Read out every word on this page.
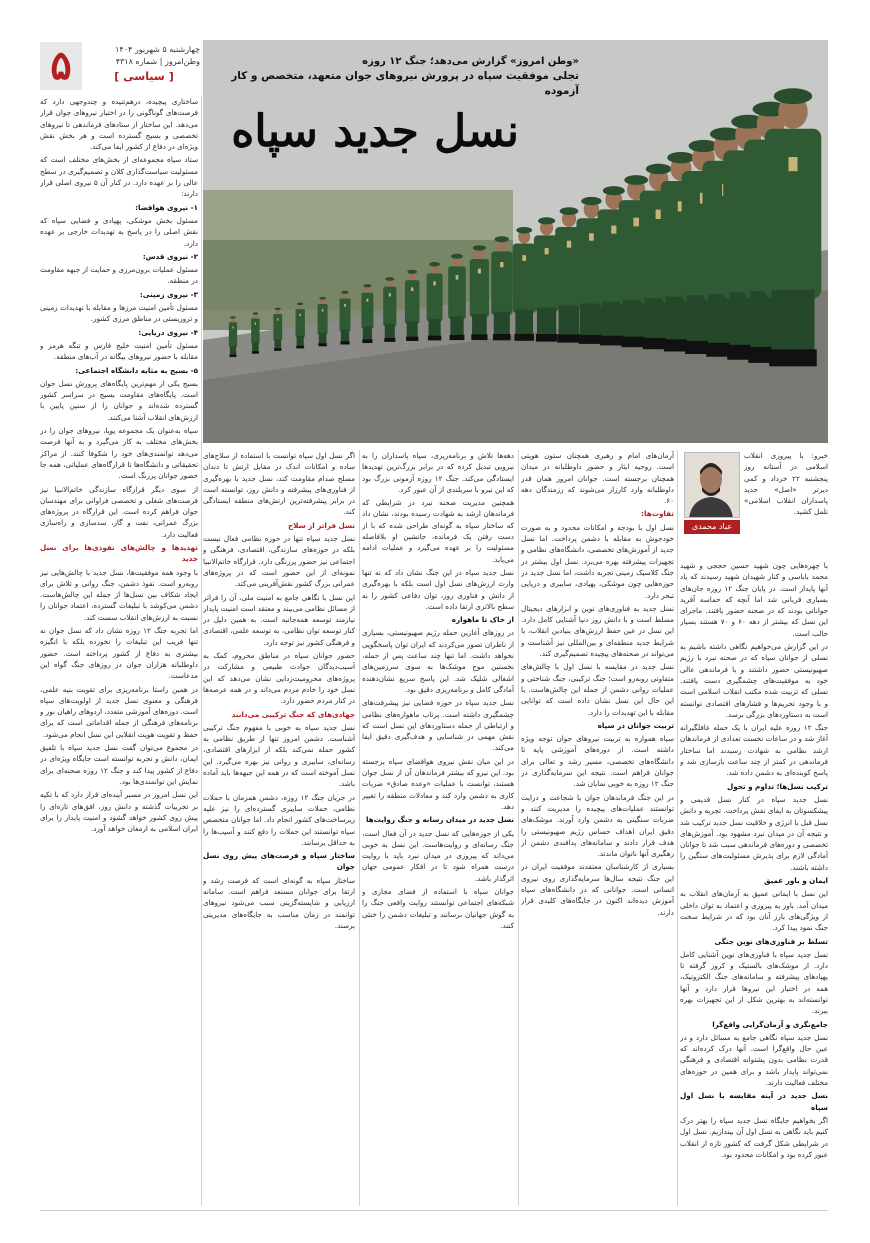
۵	چهارشنبه ۵ شهریور ۱۴۰۴
وطن‌امروز | شماره ۴۳۱۸
[ سیاسی ]
«وطن امروز» گزارش می‌دهد؛ جنگ ۱۲ روزه
تجلی موفقیت سپاه در پرورش نیروهای جوان متعهد، متخصص و کار آزموده
نسل جدید سپاه
خبرو: با پیروزی انقلاب اسلامی در آستانه روز پنجشنبه ۲۲ خرداد و کمی دیرتر «اصل» جدید پاسداران انقلاب اسلامی» تلمل کشید.
عباد محمدی

با چهره‌هایی چون شهید حسین حججی و شهید محمد باباسی و کنار شهیدان شهید رسیدند که یاد آنها پایدار است. در پایان جنگ ۱۲ روزه جان‌های بسیاری قربانی شد اما آنچه که حماسه آفرید جوانانی بودند که در صحنه حضور یافتند. ماجرای این نسل که بیشتر از دهه ۶۰ و ۷۰ هستند بسیار جالب است.

در این گزارش می‌خواهیم نگاهی داشته باشیم به نسلی از جوانان سپاه که در صحنه نبرد با رژیم صهیونیستی حضور داشتند و با فرماندهی عالی خود به موفقیت‌های چشمگیری دست یافتند. نسلی که تربیت شده مکتب انقلاب اسلامی است و با وجود تحریم‌ها و فشارهای اقتصادی توانسته است به دستاوردهای بزرگی برسد.

جنگ ۱۲ روزه علیه ایران با یک حمله غافلگیرانه آغاز شد و در ساعات نخست تعدادی از فرماندهان ارشد نظامی به شهادت رسیدند اما ساختار فرماندهی در کمتر از چند ساعت بازسازی شد و پاسخ کوبنده‌ای به دشمن داده شد.

ترکیب نسل‌ها؛ تداوم و تحول

نسل جدید سپاه در کنار نسل قدیمی و پیشکسوتان به ایفای نقش پرداخت. تجربه و دانش نسل قبل با انرژی و خلاقیت نسل جدید ترکیب شد و نتیجه آن در میدان نبرد مشهود بود. آموزش‌های تخصصی و دوره‌های فرماندهی سبب شد تا جوانان آمادگی لازم برای پذیرش مسئولیت‌های سنگین را داشته باشند.

ایمان و باور عمیق

این نسل با ایمانی عمیق به آرمان‌های انقلاب به میدان آمد. باور به پیروزی و اعتماد به توان داخلی از ویژگی‌های بارز آنان بود که در شرایط سخت جنگ نمود پیدا کرد.

تسلط بر فناوری‌های نوین جنگی

نسل جدید سپاه با فناوری‌های نوین آشنایی کامل دارد. از موشک‌های بالستیک و کروز گرفته تا پهپادهای پیشرفته و سامانه‌های جنگ الکترونیک، همه در اختیار این نیروها قرار دارد و آنها توانسته‌اند به بهترین شکل از این تجهیزات بهره ببرند.

جامع‌نگری و آرمان‌گرایی واقع‌گرا

نسل جدید سپاه نگاهی جامع به مسائل دارد و در عین حال واقع‌گرا است. آنها درک کرده‌اند که قدرت نظامی بدون پشتوانه اقتصادی و فرهنگی نمی‌تواند پایدار باشد و برای همین در حوزه‌های مختلف فعالیت دارند.

نسل جدید در آینه مقایسه با نسل اول سپاه

اگر بخواهیم جایگاه نسل جدید سپاه را بهتر درک کنیم باید نگاهی به نسل اول آن بیندازیم. نسل اول در شرایطی شکل گرفت که کشور تازه از انقلاب عبور کرده بود و امکانات محدود بود.

آرمان‌های امام و رهبری همچنان ستون هویتی است. روحیه ایثار و حضور داوطلبانه در میدان همچنان برجسته است. جوانان امروز همان قدر داوطلبانه وارد کارزار می‌شوند که رزمندگان دهه ۶۰.

تفاوت‌ها:

نسل اول با بودجه و امکانات محدود و به صورت خودجوش به مقابله با دشمن پرداخت. اما نسل جدید از آموزش‌های تخصصی، دانشگاه‌های نظامی و تجهیزات پیشرفته بهره می‌برد. نسل اول بیشتر در جنگ کلاسیک زمینی تجربه داشت، اما نسل جدید در حوزه‌هایی چون موشکی، پهپادی، سایبری و دریایی تبحر دارد.

نسل جدید به فناوری‌های نوین و ابزارهای دیجیتال مسلط است و با دانش روز دنیا آشنایی کامل دارد. این نسل در عین حفظ ارزش‌های بنیادین انقلاب، با شرایط جدید منطقه‌ای و بین‌المللی نیز آشناست و می‌تواند در صحنه‌های پیچیده تصمیم‌گیری کند.

نسل جدید در مقایسه با نسل اول با چالش‌های متفاوتی روبه‌رو است؛ جنگ ترکیبی، جنگ شناختی و عملیات روانی دشمن از جمله این چالش‌هاست. با این حال این نسل نشان داده است که توانایی مقابله با این تهدیدات را دارد.

تربیت جوانان در سپاه

سپاه همواره به تربیت نیروهای جوان توجه ویژه داشته است. از دوره‌های آموزشی پایه تا دانشگاه‌های تخصصی، مسیر رشد و تعالی برای جوانان فراهم است. نتیجه این سرمایه‌گذاری در جنگ ۱۲ روزه به خوبی نمایان شد.

در این جنگ فرماندهان جوان با شجاعت و درایت توانستند عملیات‌های پیچیده را مدیریت کنند و ضربات سنگینی به دشمن وارد آورند. موشک‌های دقیق ایران اهداف حساس رژیم صهیونیستی را هدف قرار دادند و سامانه‌های پدافندی دشمن از رهگیری آنها ناتوان ماندند.

بسیاری از کارشناسان معتقدند موفقیت ایران در این جنگ نتیجه سال‌ها سرمایه‌گذاری روی نیروی انسانی است. جوانانی که در دانشگاه‌های سپاه آموزش دیده‌اند اکنون در جایگاه‌های کلیدی قرار دارند.

دهه‌ها تلاش و برنامه‌ریزی، سپاه پاسداران را به نیرویی تبدیل کرده که در برابر بزرگ‌ترین تهدیدها ایستادگی می‌کند. جنگ ۱۲ روزه آزمونی بزرگ بود که این نیرو با سربلندی از آن عبور کرد.

همچنین مدیریت صحنه نبرد در شرایطی که فرماندهان ارشد به شهادت رسیده بودند، نشان داد که ساختار سپاه به گونه‌ای طراحی شده که با از دست رفتن یک فرمانده، جانشین او بلافاصله مسئولیت را بر عهده می‌گیرد و عملیات ادامه می‌یابد.

نسل جدید سپاه در این جنگ نشان داد که نه تنها وارث ارزش‌های نسل اول است بلکه با بهره‌گیری از دانش و فناوری روز، توان دفاعی کشور را به سطح بالاتری ارتقا داده است.

از خاک تا ماهواره

در روزهای آغازین حمله رژیم صهیونیستی، بسیاری از ناظران تصور می‌کردند که ایران توان پاسخگویی نخواهد داشت. اما تنها چند ساعت پس از حمله، نخستین موج موشک‌ها به سوی سرزمین‌های اشغالی شلیک شد. این پاسخ سریع نشان‌دهنده آمادگی کامل و برنامه‌ریزی دقیق بود.

نسل جدید سپاه در حوزه فضایی نیز پیشرفت‌های چشمگیری داشته است. پرتاب ماهواره‌های نظامی و ارتباطی از جمله دستاوردهای این نسل است که نقش مهمی در شناسایی و هدف‌گیری دقیق ایفا می‌کند.

در این میان نقش نیروی هوافضای سپاه برجسته بود. این نیرو که بیشتر فرماندهان آن از نسل جوان هستند، توانست با عملیات «وعده صادق» ضربات کاری به دشمن وارد کند و معادلات منطقه را تغییر دهد.

نسل جدید در میدان رسانه و جنگ روایت‌ها

یکی از حوزه‌هایی که نسل جدید در آن فعال است، جنگ رسانه‌ای و روایت‌هاست. این نسل به خوبی می‌داند که پیروزی در میدان نبرد باید با روایت درست همراه شود تا در افکار عمومی جهان اثرگذار باشد.

جوانان سپاه با استفاده از فضای مجازی و شبکه‌های اجتماعی توانستند روایت واقعی جنگ را به گوش جهانیان برسانند و تبلیغات دشمن را خنثی کنند.

اگر نسل اول سپاه توانست با استفاده از سلاح‌های ساده و امکانات اندک در مقابل ارتش تا دندان مسلح صدام مقاومت کند، نسل جدید با بهره‌گیری از فناوری‌های پیشرفته و دانش روز، توانسته است در برابر پیشرفته‌ترین ارتش‌های منطقه ایستادگی کند.

نسل فراتر از سلاح

نسل جدید سپاه تنها در حوزه نظامی فعال نیست بلکه در حوزه‌های سازندگی، اقتصادی، فرهنگی و اجتماعی نیز حضور پررنگی دارد. قرارگاه خاتم‌الانبیا نمونه‌ای از این حضور است که در پروژه‌های عمرانی بزرگ کشور نقش‌آفرینی می‌کند.

این نسل با نگاهی جامع به امنیت ملی، آن را فراتر از مسائل نظامی می‌بیند و معتقد است امنیت پایدار نیازمند توسعه همه‌جانبه است. به همین دلیل در کنار توسعه توان نظامی، به توسعه علمی، اقتصادی و فرهنگی کشور نیز توجه دارد.

حضور جوانان سپاه در مناطق محروم، کمک به آسیب‌دیدگان حوادث طبیعی و مشارکت در پروژه‌های محرومیت‌زدایی نشان می‌دهد که این نسل خود را خادم مردم می‌داند و در همه عرصه‌ها در کنار مردم حضور دارد.

جهادی‌های که جنگ ترکیبی می‌دانند

نسل جدید سپاه به خوبی با مفهوم جنگ ترکیبی آشناست. دشمن امروز تنها از طریق نظامی به کشور حمله نمی‌کند بلکه از ابزارهای اقتصادی، رسانه‌ای، سایبری و روانی نیز بهره می‌گیرد. این نسل آموخته است که در همه این جبهه‌ها باید آماده باشد.

در جریان جنگ ۱۲ روزه، دشمن همزمان با حملات نظامی، حملات سایبری گسترده‌ای را نیز علیه زیرساخت‌های کشور انجام داد. اما جوانان متخصص سپاه توانستند این حملات را دفع کنند و آسیب‌ها را به حداقل برسانند.

ساختار سپاه و فرصت‌های پیش روی نسل جوان

ساختار سپاه به گونه‌ای است که فرصت رشد و ارتقا برای جوانان مستعد فراهم است. سامانه ارزیابی و شایسته‌گزینی سبب می‌شود نیروهای توانمند در زمان مناسب به جایگاه‌های مدیریتی برسند.

ساختاری پیچیده، درهم‌تنیده و چندوجهی دارد که فرصت‌های گوناگونی را در اختیار نیروهای جوان قرار می‌دهد. این ساختار از ستادهای فرماندهی تا نیروهای تخصصی و بسیج گسترده است و هر بخش نقش ویژه‌ای در دفاع از کشور ایفا می‌کند.

ستاد سپاه مجموعه‌ای از بخش‌های مختلف است که مسئولیت سیاست‌گذاری کلان و تصمیم‌گیری در سطح عالی را بر عهده دارد. در کنار آن ۵ نیروی اصلی قرار دارند:

۱- نیروی هوافضا:

مسئول بخش موشکی، پهپادی و فضایی سپاه که نقش اصلی را در پاسخ به تهدیدات خارجی بر عهده دارد.

۲- نیروی قدس:

مسئول عملیات برون‌مرزی و حمایت از جبهه مقاومت در منطقه.

۳- نیروی زمینی:

مسئول تأمین امنیت مرزها و مقابله با تهدیدات زمینی و تروریستی در مناطق مرزی کشور.

۴- نیروی دریایی:

مسئول تأمین امنیت خلیج فارس و تنگه هرمز و مقابله با حضور نیروهای بیگانه در آب‌های منطقه.

۵- بسیج به مثابه دانشگاه اجتماعی:

بسیج یکی از مهم‌ترین پایگاه‌های پرورش نسل جوان است. پایگاه‌های مقاومت بسیج در سراسر کشور گسترده شده‌اند و جوانان را از سنین پایین با ارزش‌های انقلاب آشنا می‌کنند.

سپاه به‌عنوان یک مجموعه پویا، نیروهای جوان را در بخش‌های مختلف به کار می‌گیرد و به آنها فرصت می‌دهد توانمندی‌های خود را شکوفا کنند. از مراکز تحقیقاتی و دانشگاه‌ها تا قرارگاه‌های عملیاتی، همه جا حضور جوانان پررنگ است.

از سوی دیگر قرارگاه سازندگی خاتم‌الانبیا نیز فرصت‌های شغلی و تخصصی فراوانی برای مهندسان جوان فراهم کرده است. این قرارگاه در پروژه‌های بزرگ عمرانی، نفت و گاز، سدسازی و راه‌سازی فعالیت دارد.

تهدیدها و چالش‌های نفوذی‌ها برای نسل جدید

با وجود همه موفقیت‌ها، نسل جدید با چالش‌هایی نیز روبه‌رو است. نفوذ دشمن، جنگ روانی و تلاش برای ایجاد شکاف بین نسل‌ها از جمله این چالش‌هاست. دشمن می‌کوشد با تبلیغات گسترده، اعتماد جوانان را نسبت به ارزش‌های انقلاب سست کند.

اما تجربه جنگ ۱۲ روزه نشان داد که نسل جوان نه تنها فریب این تبلیغات را نخورده بلکه با انگیزه بیشتری به دفاع از کشور پرداخته است. حضور داوطلبانه هزاران جوان در روزهای جنگ گواه این مدعاست.

در همین راستا برنامه‌ریزی برای تقویت بنیه علمی، فرهنگی و معنوی نسل جدید از اولویت‌های سپاه است. دوره‌های آموزشی متعدد، اردوهای راهیان نور و برنامه‌های فرهنگی از جمله اقداماتی است که برای حفظ و تقویت هویت انقلابی این نسل انجام می‌شود.

در مجموع می‌توان گفت نسل جدید سپاه با تلفیق ایمان، دانش و تجربه توانسته است جایگاه ویژه‌ای در دفاع از کشور پیدا کند و جنگ ۱۲ روزه صحنه‌ای برای نمایش این توانمندی‌ها بود.

این نسل امروز در مسیر آینده‌ای قرار دارد که با تکیه بر تجربیات گذشته و دانش روز، افق‌های تازه‌ای را پیش روی کشور خواهد گشود و امنیت پایدار را برای ایران اسلامی به ارمغان خواهد آورد.
